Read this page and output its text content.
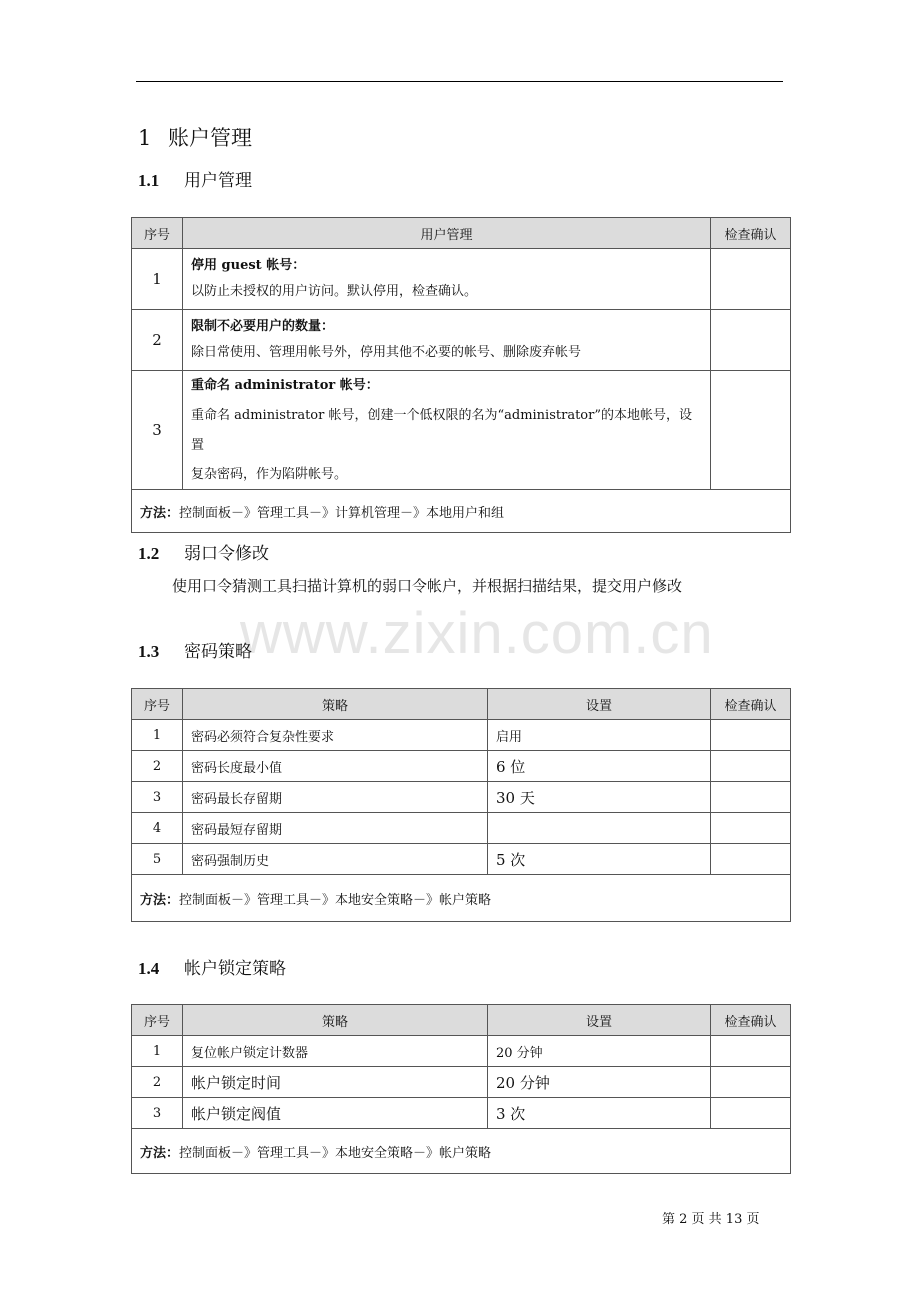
1 账户管理
1.1 用户管理
序号	用户管理	检查确认
1	停用 guest 帐号：
以防止未授权的用户访问。默认停用，检查确认。	

2	限制不必要用户的数量：
除日常使用、管理用帐号外，停用其他不必要的帐号、删除废弃帐号	

3	重命名 administrator 帐号：
重命名 administrator 帐号，创建一个低权限的名为“administrator”的本地帐号，设置
复杂密码，作为陷阱帐号。	

方法：控制面板－》管理工具－》计算机管理－》本地用户和组		
1.2 弱口令修改
使用口令猜测工具扫描计算机的弱口令帐户，并根据扫描结果，提交用户修改
www.zixin.com.cn
1.3 密码策略
序号	策略	设置	检查确认
1	密码必须符合复杂性要求	启用	
2	密码长度最小值	6 位	
3	密码最长存留期	30 天	
4	密码最短存留期		
5	密码强制历史	5 次	
方法：控制面板－》管理工具－》本地安全策略－》帐户策略			
1.4 帐户锁定策略
序号	策略	设置	检查确认
1	复位帐户锁定计数器	20 分钟	
2	帐户锁定时间	20 分钟	
3	帐户锁定阀值	3 次	
方法：控制面板－》管理工具－》本地安全策略－》帐户策略			
第 2 页 共 13 页
